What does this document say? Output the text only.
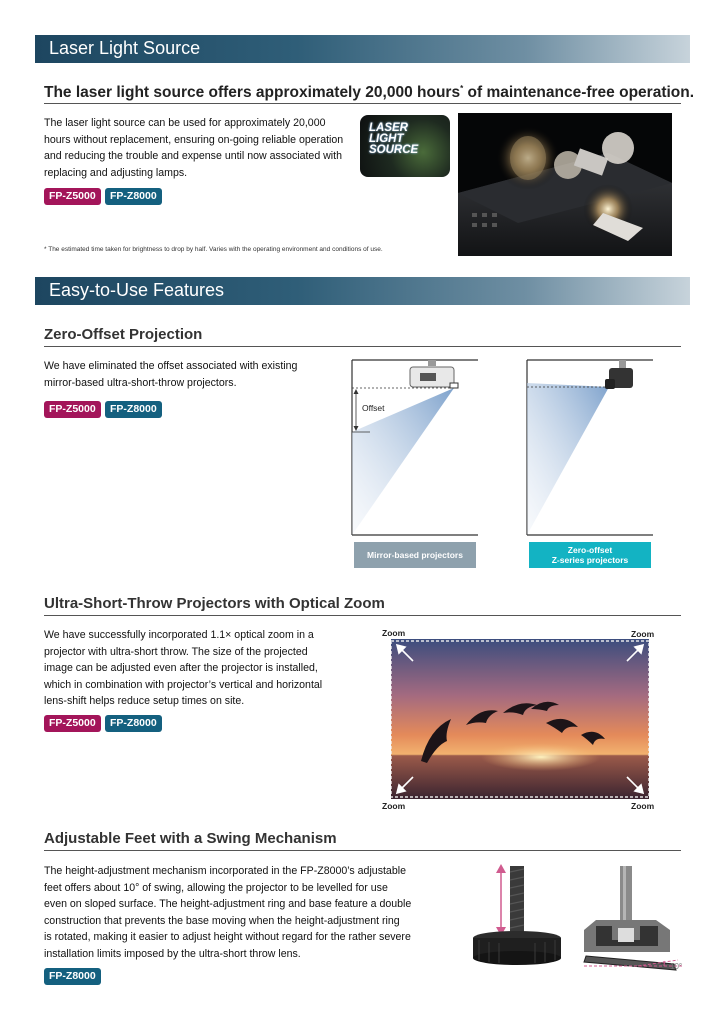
Laser Light Source
The laser light source offers approximately 20,000 hours* of maintenance-free operation.
The laser light source can be used for approximately 20,000
hours without replacement, ensuring on-going reliable operation
and reducing the trouble and expense until now associated with
replacing and adjusting lamps.
LASER
LIGHT
SOURCE
FP-Z5000	FP-Z8000
* The estimated time taken for brightness to drop by half. Varies with the operating environment and conditions of use.
Easy-to-Use Features
Zero-Offset Projection
We have eliminated the offset associated with existing
mirror-based ultra-short-throw projectors.
FP-Z5000	FP-Z8000	Offset
Mirror-based projectors	Zero-offset
Z-series projectors
Ultra-Short-Throw Projectors with Optical Zoom
We have successfully incorporated 1.1× optical zoom in a
projector with ultra-short throw. The size of the projected
image can be adjusted even after the projector is installed,
which in combination with projector’s vertical and horizontal
lens-shift helps reduce setup times on site.
FP-Z5000	FP-Z8000
Zoom	Zoom
Zoom	Zoom
Adjustable Feet with a Swing Mechanism
The height-adjustment mechanism incorporated in the FP-Z8000’s adjustable
feet offers about 10° of swing, allowing the projector to be levelled for use
even on sloped surface. The height-adjustment ring and base feature a double
construction that prevents the base moving when the height-adjustment ring
is rotated, making it easier to adjust height without regard for the rather severe
installation limits imposed by the ultra-short throw lens.
FP-Z8000
10°
